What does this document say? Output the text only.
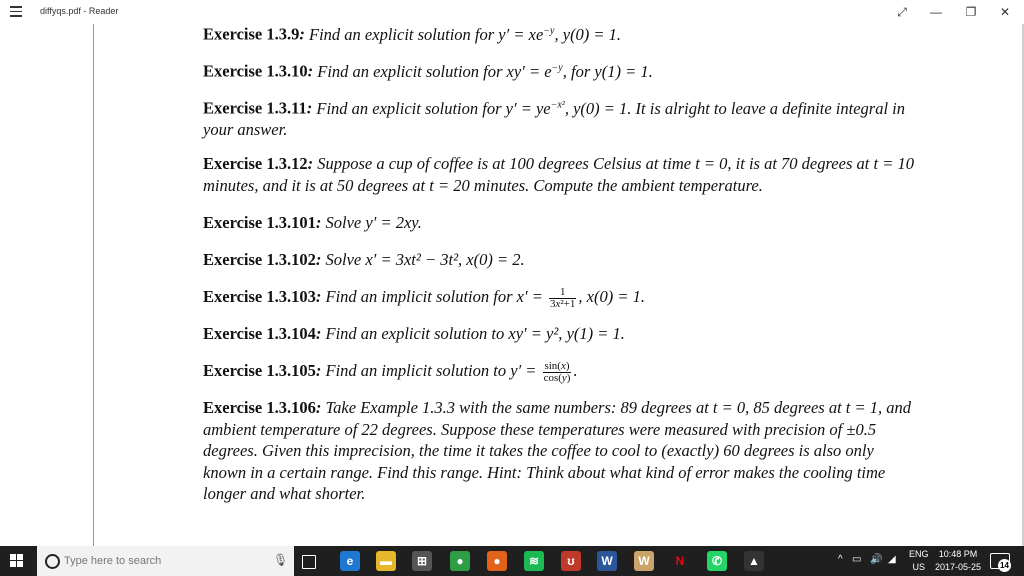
diffyqs.pdf - Reader	⤢	—	❐	✕
Exercise 1.3.9: Find an explicit solution for $y' = xe^{-y}$, y(0) = 1.
Exercise 1.3.10: Find an explicit solution for $xy' = e^{-y}$, for y(1) = 1.
Exercise 1.3.11: Find an explicit solution for $y' = ye^{-x^2}$, y(0) = 1. It is alright to leave a definite integral in your answer.
Exercise 1.3.12: Suppose a cup of coffee is at 100 degrees Celsius at time t = 0, it is at 70 degrees at t = 10 minutes, and it is at 50 degrees at t = 20 minutes. Compute the ambient temperature.
Exercise 1.3.101: Solve y′ = 2xy.
Exercise 1.3.102: Solve x′ = 3xt² − 3t², x(0) = 2.
Exercise 1.3.103: Find an implicit solution for $x' = \frac{1}{\text{3x²+1}}$ , x(0) = 1.
Exercise 1.3.104: Find an explicit solution to xy′ = y², y(1) = 1.
Exercise 1.3.105: Find an implicit solution to $y' = \frac{\sin(x)}{\cos(y)}$ .
Exercise 1.3.106: Take Example 1.3.3 with the same numbers: 89 degrees at t = 0, 85 degrees at t = 1, and ambient temperature of 22 degrees. Suppose these temperatures were measured with precision of ±0.5 degrees. Given this imprecision, the time it takes the coffee to cool to (exactly) 60 degrees is also only known in a certain range. Find this range. Hint: Think about what kind of error makes the cooling time longer and what shorter.
Type here to search	🎙	e	▬	⊞	●	●	≋	ʊ	W	W	N	✆	▲	^ ▭ 🔊 ◢ ENG
US
10:48 PM
2017-05-25 14
